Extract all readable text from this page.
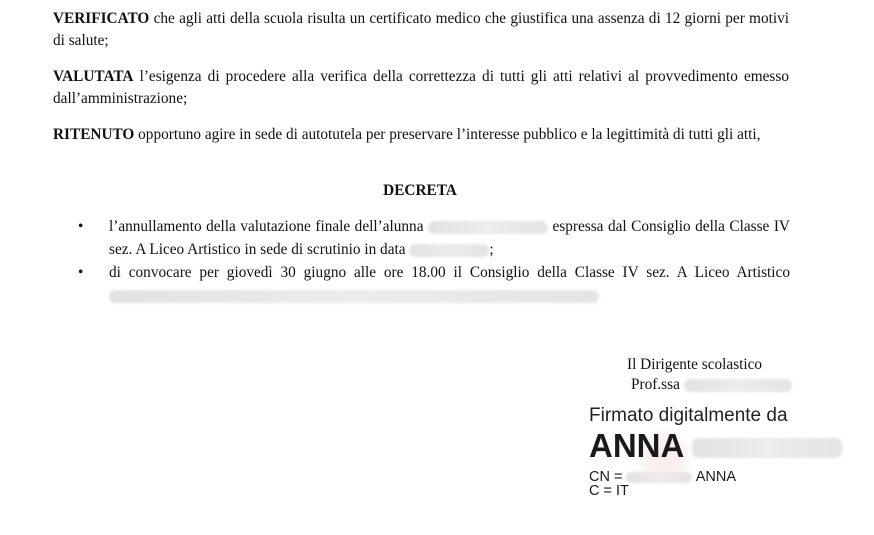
VERIFICATO che agli atti della scuola risulta un certificato medico che giustifica una assenza di 12 giorni per motivi di salute;
VALUTATA l’esigenza di procedere alla verifica della correttezza di tutti gli atti relativi al provvedimento emesso dall’amministrazione;
RITENUTO opportuno agire in sede di autotutela per preservare l’interesse pubblico e la legittimità di tutti gli atti,
DECRETA
• l’annullamento della valutazione finale dell’alunna	espressa dal Consiglio della Classe IV sez. A Liceo Artistico in sede di scrutinio in data	;
• di convocare per giovedì 30 giugno alle ore 18.00 il Consiglio della Classe IV sez. A Liceo Artistico
Il Dirigente scolastico
Prof.ssa
Firmato digitalmente da
ANNA
CN =	ANNA
C = IT
